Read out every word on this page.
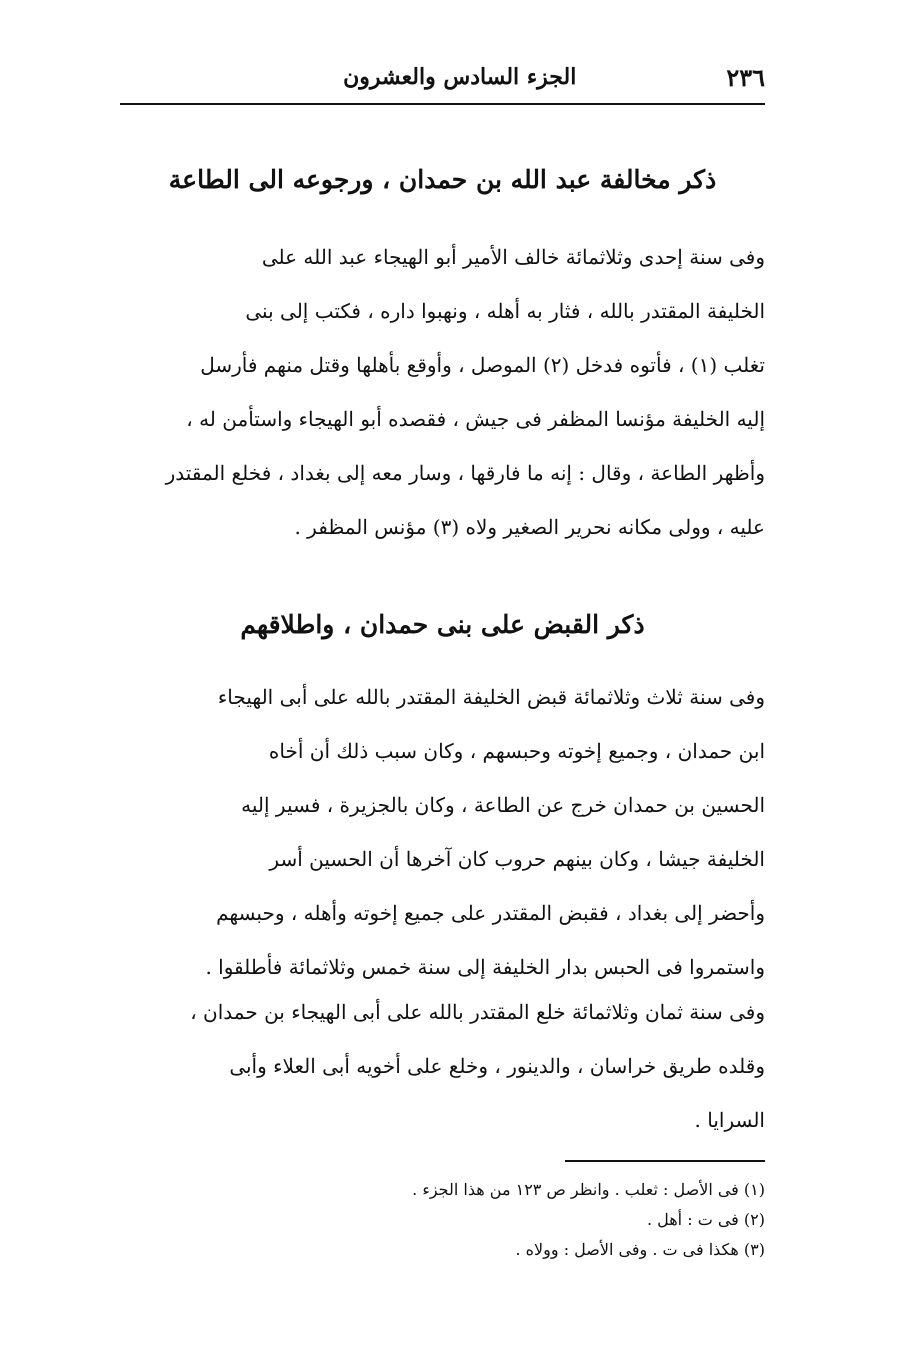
٢٣٦
الجزء السادس والعشرون
ذكر مخالفة عبد الله بن حمدان ، ورجوعه الى الطاعة
وفى سنة إحدى وثلاثمائة خالف الأمير أبو الهيجاء عبد الله على
الخليفة المقتدر بالله ، فثار به أهله ، ونهبوا داره ، فكتب إلى بنى
تغلب (١) ، فأتوه فدخل (٢) الموصل ، وأوقع بأهلها وقتل منهم فأرسل
إليه الخليفة مؤنسا المظفر فى جيش ، فقصده أبو الهيجاء واستأمن له ،
وأظهر الطاعة ، وقال : إنه ما فارقها ، وسار معه إلى بغداد ، فخلع المقتدر
عليه ، وولى مكانه نحرير الصغير ولاه (٣) مؤنس المظفر .
ذكر القبض على بنى حمدان ، واطلاقهم
وفى سنة ثلاث وثلاثمائة قبض الخليفة المقتدر بالله على أبى الهيجاء
ابن حمدان ، وجميع إخوته وحبسهم ، وكان سبب ذلك أن أخاه
الحسين بن حمدان خرج عن الطاعة ، وكان بالجزيرة ، فسير إليه
الخليفة جيشا ، وكان بينهم حروب كان آخرها أن الحسين أسر
وأحضر إلى بغداد ، فقبض المقتدر على جميع إخوته وأهله ، وحبسهم
واستمروا فى الحبس بدار الخليفة إلى سنة خمس وثلاثمائة فأطلقوا .
وفى سنة ثمان وثلاثمائة خلع المقتدر بالله على أبى الهيجاء بن حمدان ،
وقلده طريق خراسان ، والدينور ، وخلع على أخويه أبى العلاء وأبى
السرايا .
(١) فى الأصل : ثعلب . وانظر ص ١٢٣ من هذا الجزء .
(٢) فى ت : أهل .
(٣) هكذا فى ت . وفى الأصل : وولاه .
